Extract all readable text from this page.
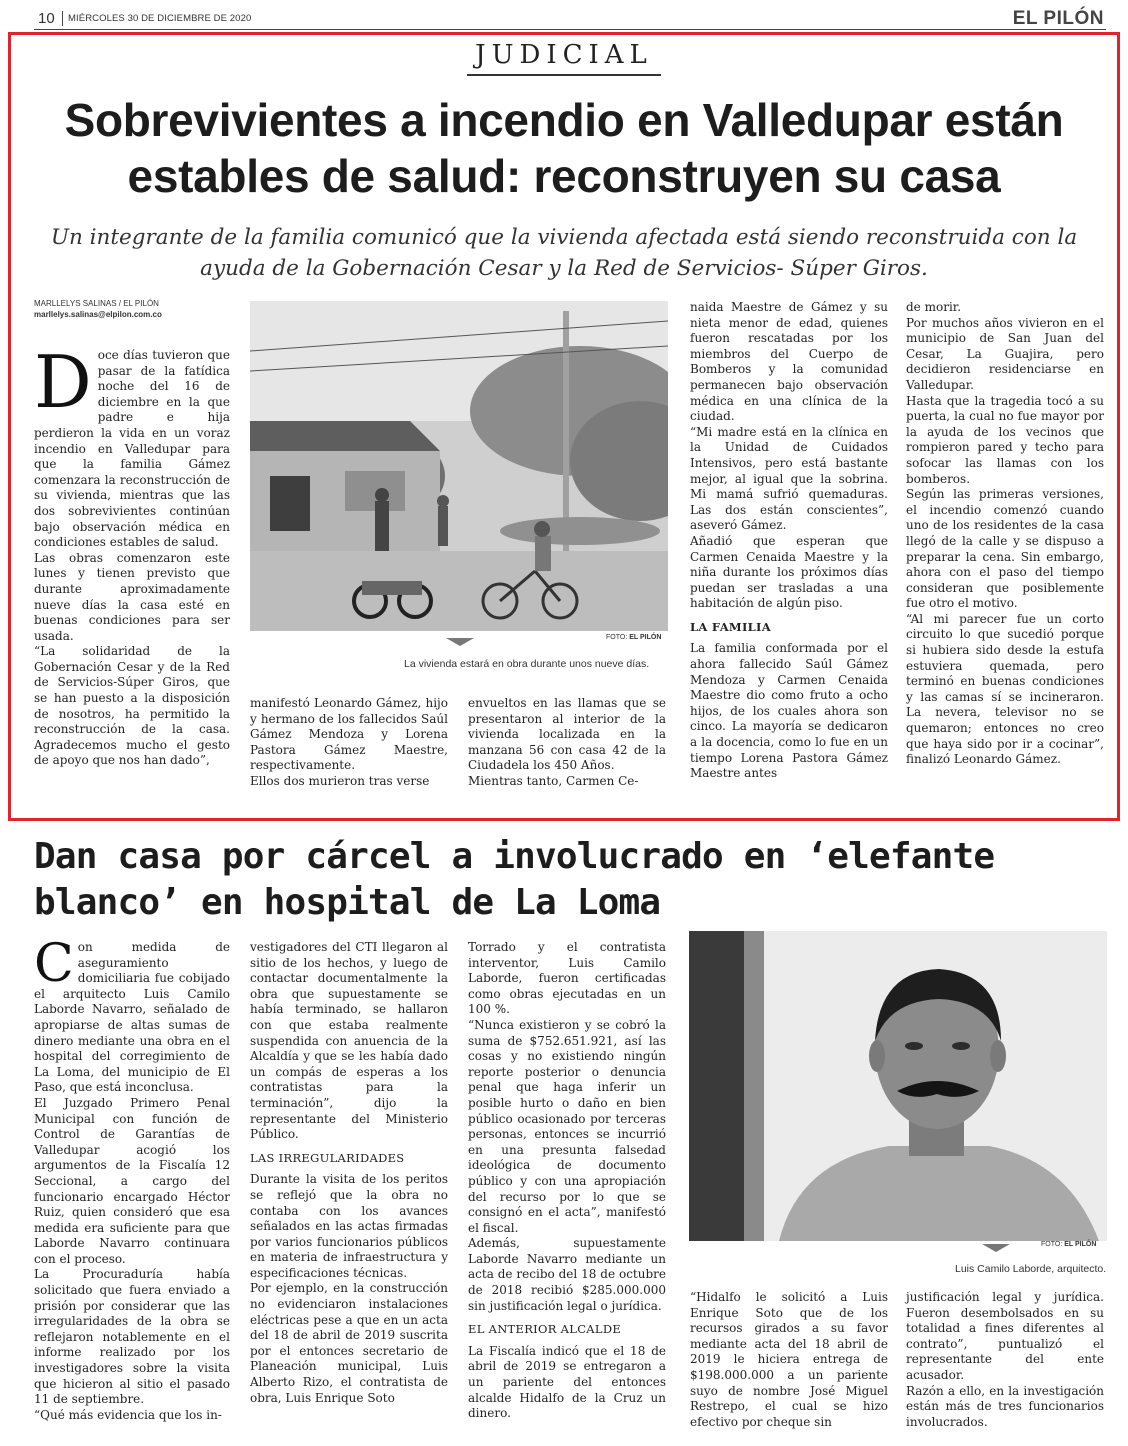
10 MIÉRCOLES 30 DE DICIEMBRE DE 2020	EL PILÓN
JUDICIAL
Sobrevivientes a incendio en Valledupar están estables de salud: reconstruyen su casa

Un integrante de la familia comunicó que la vivienda afectada está siendo reconstruida con la ayuda de la Gobernación Cesar y la Red de Servicios- Súper Giros.

MARLLELYS SALINAS / EL PILÓN
marllelys.salinas@elpilon.com.co

Doce días tuvieron que pasar de la fatídica noche del 16 de diciembre en la que padre e hija perdieron la vida en un voraz incendio en Valledupar para que la familia Gámez comenzara la reconstrucción de su vivienda, mientras que las dos sobrevivientes continúan bajo observación médica en condiciones estables de salud.

Las obras comenzaron este lunes y tienen previsto que durante aproximadamente nueve días la casa esté en buenas condiciones para ser usada.

“La solidaridad de la Gobernación Cesar y de la Red de Servicios-Súper Giros, que se han puesto a la disposición de nosotros, ha permitido la reconstrucción de la casa. Agradecemos mucho el gesto de apoyo que nos han dado”,

FOTO: EL PILÓN
La vivienda estará en obra durante unos nueve días.

manifestó Leonardo Gámez, hijo y hermano de los fallecidos Saúl Gámez Mendoza y Lorena Pastora Gámez Maestre, respectivamente.

Ellos dos murieron tras verse

envueltos en las llamas que se presentaron al interior de la vivienda localizada en la manzana 56 con casa 42 de la Ciudadela los 450 Años.

Mientras tanto, Carmen Ce-

naida Maestre de Gámez y su nieta menor de edad, quienes fueron rescatadas por los miembros del Cuerpo de Bomberos y la comunidad permanecen bajo observación médica en una clínica de la ciudad.

“Mi madre está en la clínica en la Unidad de Cuidados Intensivos, pero está bastante mejor, al igual que la sobrina. Mi mamá sufrió quemaduras. Las dos están conscientes”, aseveró Gámez.

Añadió que esperan que Carmen Cenaida Maestre y la niña durante los próximos días puedan ser trasladas a una habitación de algún piso.

LA FAMILIA

La familia conformada por el ahora fallecido Saúl Gámez Mendoza y Carmen Cenaida Maestre dio como fruto a ocho hijos, de los cuales ahora son cinco. La mayoría se dedicaron a la docencia, como lo fue en un tiempo Lorena Pastora Gámez Maestre antes

de morir.

Por muchos años vivieron en el municipio de San Juan del Cesar, La Guajira, pero decidieron residenciarse en Valledupar.

Hasta que la tragedia tocó a su puerta, la cual no fue mayor por la ayuda de los vecinos que rompieron pared y techo para sofocar las llamas con los bomberos.

Según las primeras versiones, el incendio comenzó cuando uno de los residentes de la casa llegó de la calle y se dispuso a preparar la cena. Sin embargo, ahora con el paso del tiempo consideran que posiblemente fue otro el motivo.

“Al mi parecer fue un corto circuito lo que sucedió porque si hubiera sido desde la estufa estuviera quemada, pero terminó en buenas condiciones y las camas sí se incineraron. La nevera, televisor no se quemaron; entonces no creo que haya sido por ir a cocinar”, finalizó Leonardo Gámez.

Dan casa por cárcel a involucrado en ‘elefante blanco’ en hospital de La Loma

Con medida de aseguramiento domiciliaria fue cobijado el arquitecto Luis Camilo Laborde Navarro, señalado de apropiarse de altas sumas de dinero mediante una obra en el hospital del corregimiento de La Loma, del municipio de El Paso, que está inconclusa.

El Juzgado Primero Penal Municipal con función de Control de Garantías de Valledupar acogió los argumentos de la Fiscalía 12 Seccional, a cargo del funcionario encargado Héctor Ruiz, quien consideró que esa medida era suficiente para que Laborde Navarro continuara con el proceso.

La Procuraduría había solicitado que fuera enviado a prisión por considerar que las irregularidades de la obra se reflejaron notablemente en el informe realizado por los investigadores sobre la visita que hicieron al sitio el pasado 11 de septiembre.

“Qué más evidencia que los in-

vestigadores del CTI llegaron al sitio de los hechos, y luego de contactar documentalmente la obra que supuestamente se había terminado, se hallaron con que estaba realmente suspendida con anuencia de la Alcaldía y que se les había dado un compás de esperas a los contratistas para la terminación”, dijo la representante del Ministerio Público.

LAS IRREGULARIDADES

Durante la visita de los peritos se reflejó que la obra no contaba con los avances señalados en las actas firmadas por varios funcionarios públicos en materia de infraestructura y especificaciones técnicas.

Por ejemplo, en la construcción no evidenciaron instalaciones eléctricas pese a que en un acta del 18 de abril de 2019 suscrita por el entonces secretario de Planeación municipal, Luis Alberto Rizo, el contratista de obra, Luis Enrique Soto

Torrado y el contratista interventor, Luis Camilo Laborde, fueron certificadas como obras ejecutadas en un 100 %.

“Nunca existieron y se cobró la suma de $752.651.921, así las cosas y no existiendo ningún reporte posterior o denuncia penal que haga inferir un posible hurto o daño en bien público ocasionado por terceras personas, entonces se incurrió en una presunta falsedad ideológica de documento público y con una apropiación del recurso por lo que se consignó en el acta”, manifestó el fiscal.

Además, supuestamente Laborde Navarro mediante un acta de recibo del 18 de octubre de 2018 recibió $285.000.000 sin justificación legal o jurídica.

EL ANTERIOR ALCALDE

La Fiscalía indicó que el 18 de abril de 2019 se entregaron a un pariente del entonces alcalde Hidalfo de la Cruz un dinero.

FOTO: EL PILÓN
Luis Camilo Laborde, arquitecto.

“Hidalfo le solicitó a Luis Enrique Soto que de los recursos girados a su favor mediante acta del 18 abril de 2019 le hiciera entrega de $198.000.000 a un pariente suyo de nombre José Miguel Restrepo, el cual se hizo efectivo por cheque sin

justificación legal y jurídica. Fueron desembolsados en su totalidad a fines diferentes al contrato”, puntualizó el representante del ente acusador.

Razón a ello, en la investigación están más de tres funcionarios involucrados.
